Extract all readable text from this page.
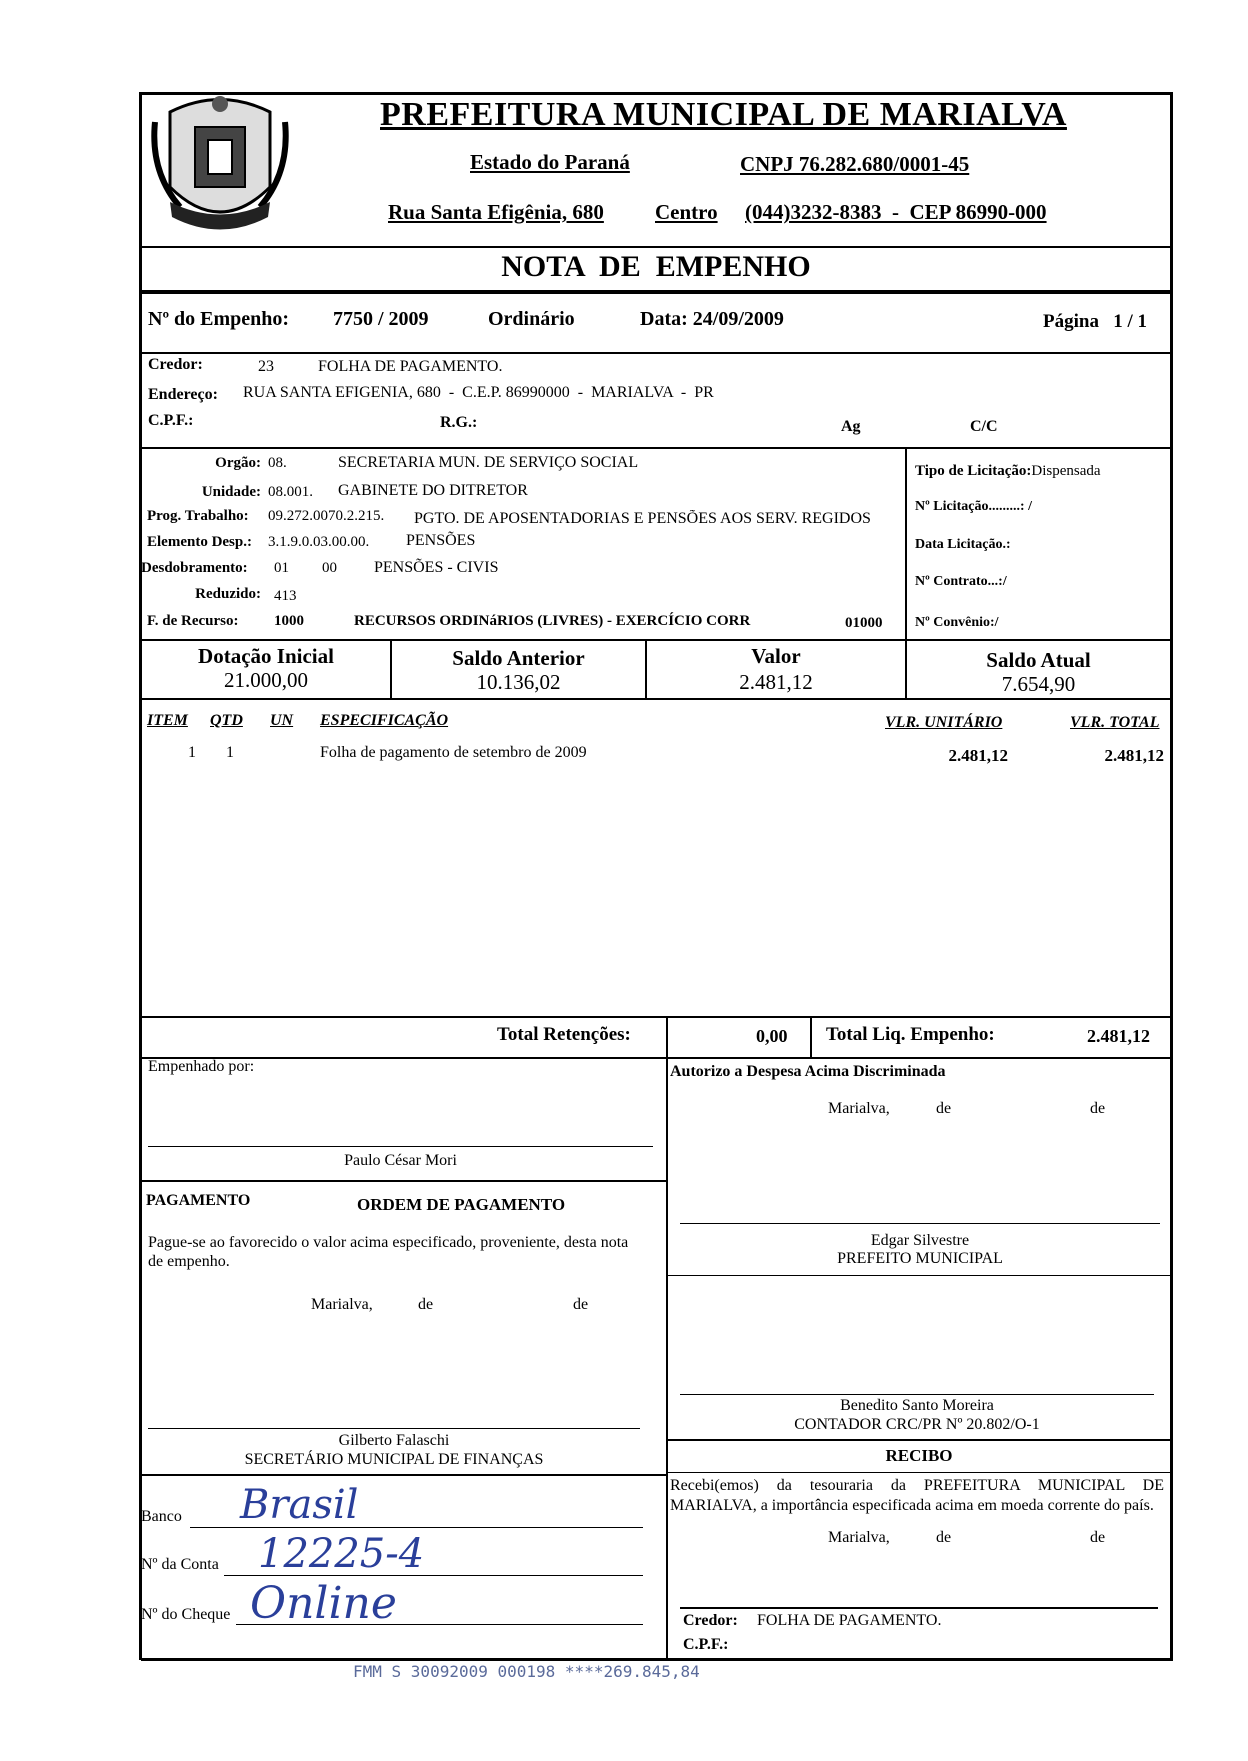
PREFEITURA MUNICIPAL DE MARIALVA
Estado do Paraná	CNPJ 76.282.680/0001-45
Rua Santa Efigênia, 680 Centro (044)3232-8383  -  CEP 86990-000
NOTA  DE  EMPENHO
Nº do Empenho: 7750 / 2009	Ordinário	Data: 24/09/2009	Página   1 / 1
Credor:	23	FOLHA DE PAGAMENTO.
Endereço: RUA SANTA EFIGENIA, 680  -  C.E.P. 86990000  -  MARIALVA  -  PR
C.P.F.:	R.G.:	Ag	C/C
Orgão: 08.	SECRETARIA MUN. DE SERVIÇO SOCIAL
Unidade: 08.001. GABINETE DO DITRETOR
Prog. Trabalho: 09.272.0070.2.215. PGTO. DE APOSENTADORIAS E PENSÕES AOS SERV. REGIDOS
Elemento Desp.: 3.1.9.0.03.00.00. PENSÕES
Desdobramento: 01 00 PENSÕES - CIVIS
Reduzido: 413
F. de Recurso: 1000	RECURSOS ORDINáRIOS (LIVRES) - EXERCÍCIO CORR	01000
Tipo de Licitação:Dispensada
Nº Licitação.........: /
Data Licitação.:
Nº Contrato...:/
Nº Convênio:/
Dotação Inicial
21.000,00
Saldo Anterior
10.136,02
Valor
2.481,12
Saldo Atual
7.654,90
ITEM QTD UN ESPECIFICAÇÃO	VLR. UNITÁRIO	VLR. TOTAL
1 1	Folha de pagamento de setembro de 2009	2.481,12	2.481,12
Total Retenções:	0,00 Total Liq. Empenho:	2.481,12
Empenhado por:
Paulo César Mori
Autorizo a Despesa Acima Discriminada
Marialva,	de	de
Edgar Silvestre
PREFEITO MUNICIPAL
PAGAMENTO	ORDEM DE PAGAMENTO
Pague-se ao favorecido o valor acima especificado, proveniente, desta nota de empenho.
Marialva,	de	de
Gilberto Falaschi
SECRETÁRIO MUNICIPAL DE FINANÇAS
Benedito Santo Moreira
CONTADOR CRC/PR Nº 20.802/O-1
Banco Brasil
Nº da Conta 12225-4
Nº do Cheque Online
RECIBO
Recebi(emos) da tesouraria da PREFEITURA MUNICIPAL DE MARIALVA, a importância especificada acima em moeda corrente do país.
Marialva,	de	de
Credor: FOLHA DE PAGAMENTO.
C.P.F.:
FMM S 30092009 000198 ****269.845,84
